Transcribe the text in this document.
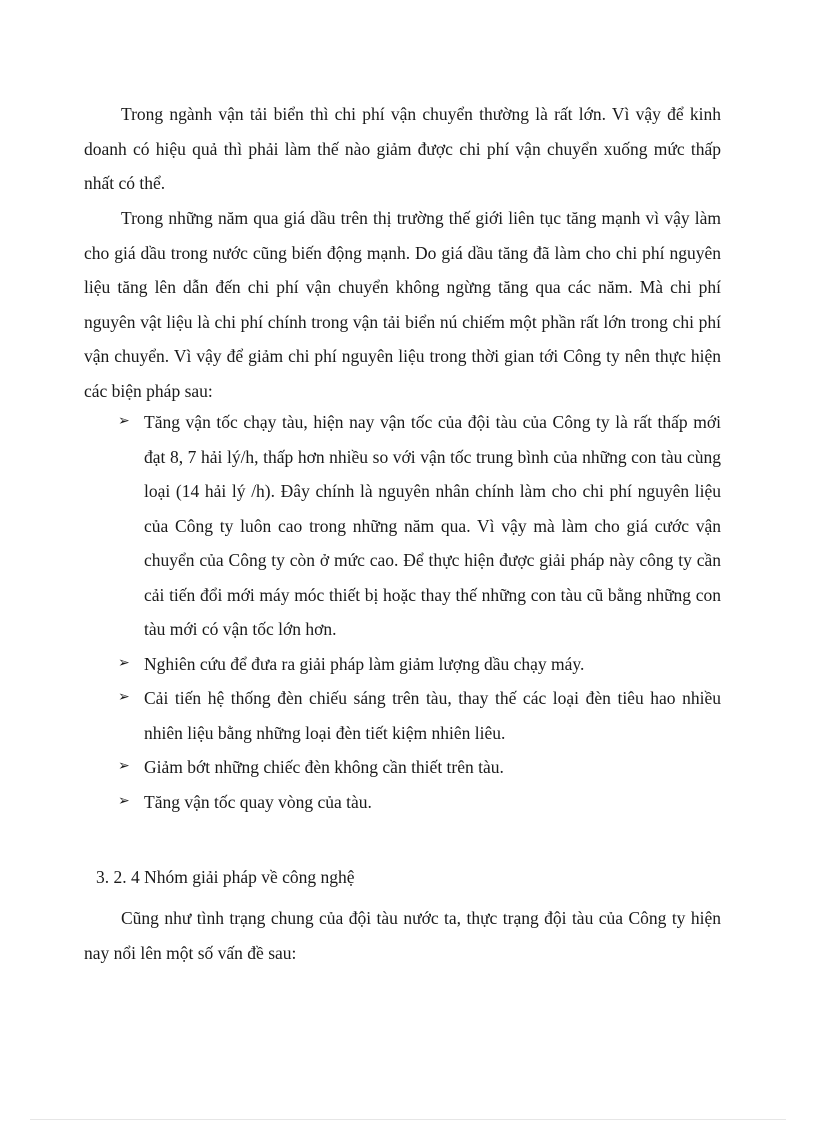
Trong ngành vận tải biển thì chi phí vận chuyển thường là rất lớn. Vì vậy để kinh doanh có hiệu quả thì phải làm thế nào giảm được chi phí vận chuyển xuống mức thấp nhất có thể.

Trong những năm qua giá dầu trên thị trường thế giới liên tục tăng mạnh vì vậy làm cho giá dầu trong nước cũng biến động mạnh. Do giá dầu tăng đã làm cho chi phí nguyên liệu tăng lên dẫn đến chi phí vận chuyển không ngừng tăng qua các năm. Mà chi phí nguyên vật liệu là chi phí chính trong vận tải biển nú chiếm một phần rất lớn trong chi phí vận chuyển. Vì vậy để giảm chi phí nguyên liệu trong thời gian tới Công ty nên thực hiện các biện pháp sau:

➢ Tăng vận tốc chạy tàu, hiện nay vận tốc của đội tàu của Công ty là rất thấp mới đạt 8, 7 hải lý/h, thấp hơn nhiều so với vận tốc trung bình của những con tàu cùng loại (14 hải lý /h). Đây chính là nguyên nhân chính làm cho chi phí nguyên liệu của Công ty luôn cao trong những năm qua. Vì vậy mà làm cho giá cước vận chuyển của Công ty còn ở mức cao. Để thực hiện được giải pháp này công ty cần cải tiến đổi mới máy móc thiết bị hoặc thay thế những con tàu cũ bằng những con tàu mới có vận tốc lớn hơn.
➢ Nghiên cứu để đưa ra giải pháp làm giảm lượng dầu chạy máy.
➢ Cải tiến hệ thống đèn chiếu sáng trên tàu, thay thế các loại đèn tiêu hao nhiều nhiên liệu bằng những loại đèn tiết kiệm nhiên liêu.
➢ Giảm bớt những chiếc đèn không cần thiết trên tàu.
➢ Tăng vận tốc quay vòng của tàu.
3. 2. 4 Nhóm giải pháp về công nghệ

Cũng như tình trạng chung của đội tàu nước ta, thực trạng đội tàu của Công ty hiện nay nổi lên một số vấn đề sau:
